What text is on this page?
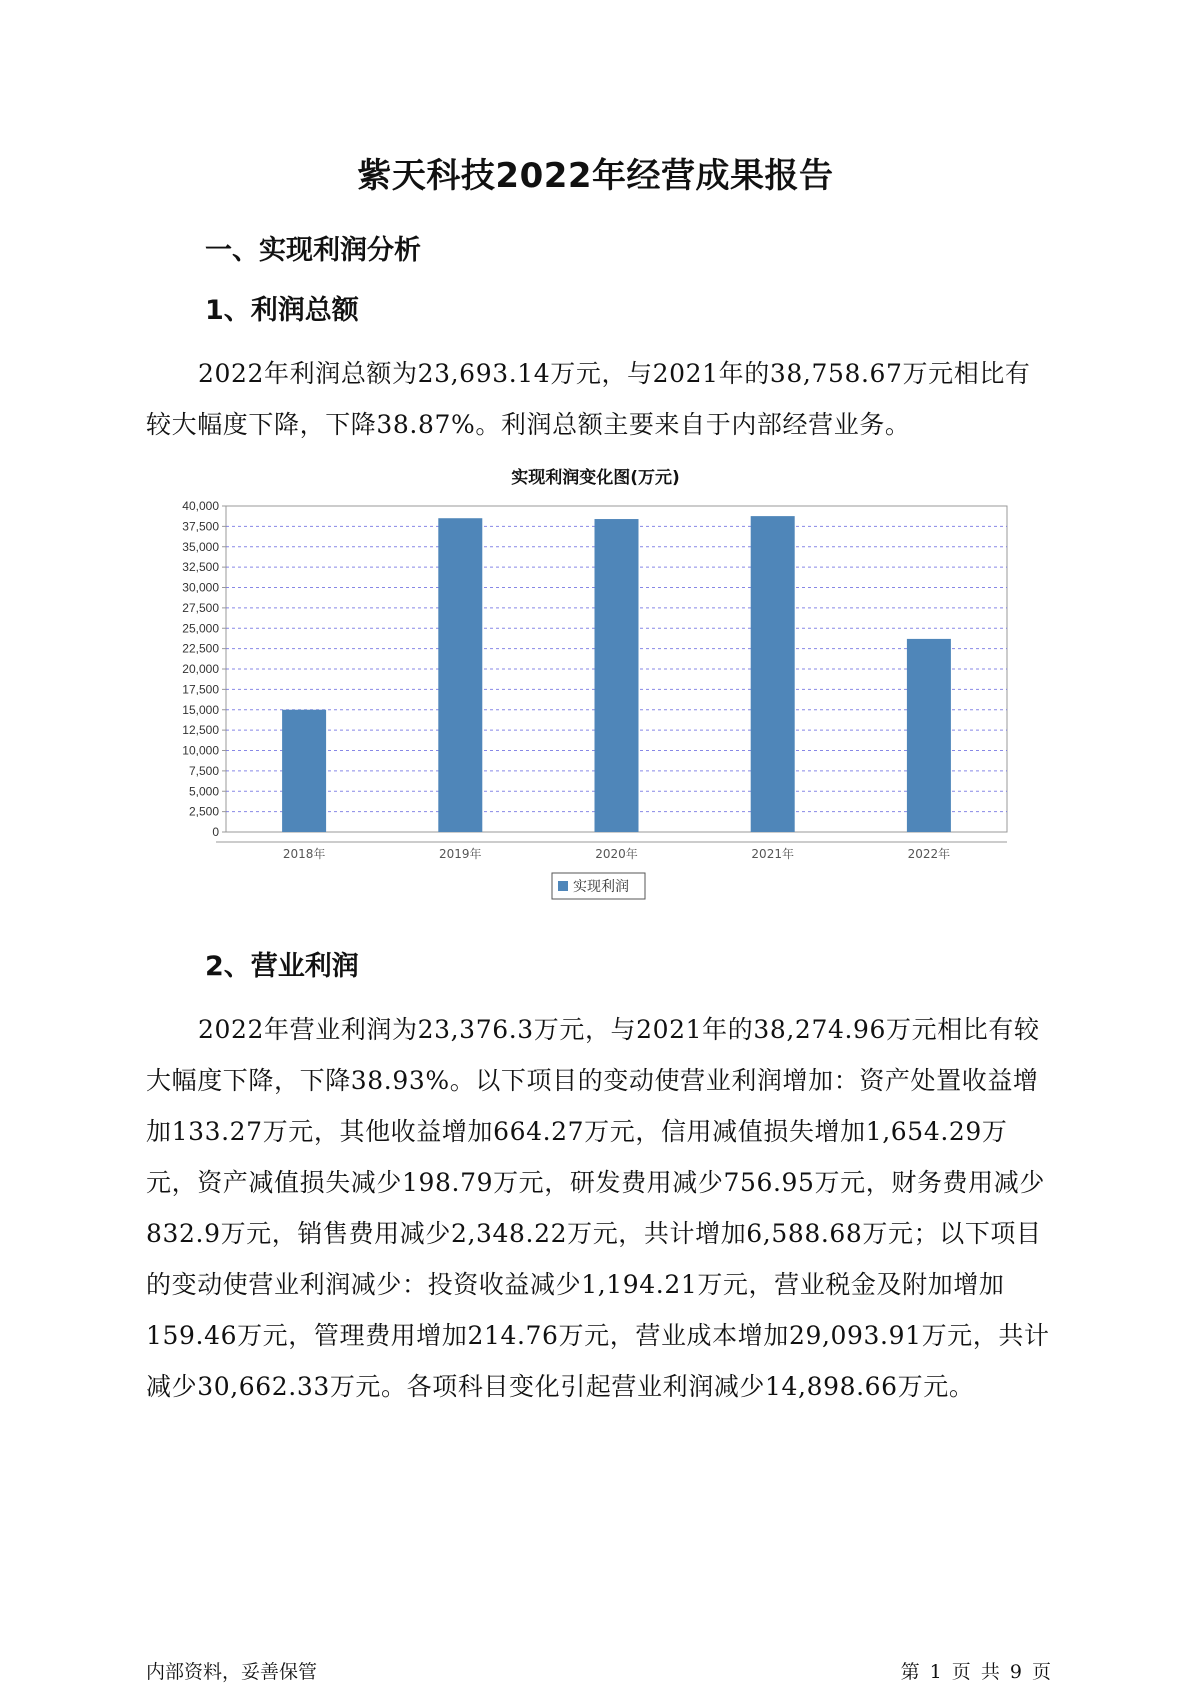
紫天科技2022年经营成果报告
一、实现利润分析
1、利润总额

2022年利润总额为23,693.14万元，与2021年的38,758.67万元相比有较大幅度下降，下降38.87%。利润总额主要来自于内部经营业务。

实现利润变化图(万元)
0
2,500
5,000
7,500
10,000
12,500
15,000
17,500
20,000
22,500
25,000
27,500
30,000
32,500
35,000
37,500
40,000
2018年	2019年	2020年	2021年	2022年
实现利润
2、营业利润

2022年营业利润为23,376.3万元，与2021年的38,274.96万元相比有较大幅度下降，下降38.93%。以下项目的变动使营业利润增加：资产处置收益增加133.27万元，其他收益增加664.27万元，信用减值损失增加1,654.29万元，资产减值损失减少198.79万元，研发费用减少756.95万元，财务费用减少832.9万元，销售费用减少2,348.22万元，共计增加6,588.68万元；以下项目的变动使营业利润减少：投资收益减少1,194.21万元，营业税金及附加增加159.46万元，管理费用增加214.76万元，营业成本增加29,093.91万元，共计减少30,662.33万元。各项科目变化引起营业利润减少14,898.66万元。

内部资料，妥善保管	第 1 页 共 9 页
